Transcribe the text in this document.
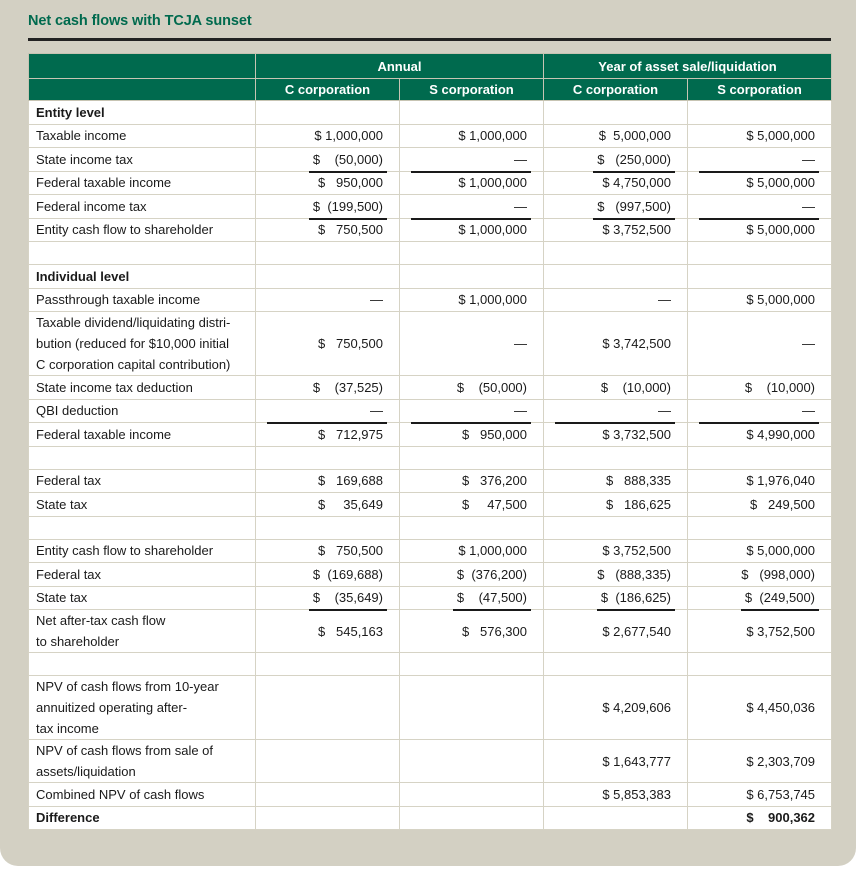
Net cash flows with TCJA sunset
	Annual		Year of asset sale/liquidation	
	C corporation	S corporation	C corporation	S corporation
Entity level				
Taxable income	$ 1,000,000	$ 1,000,000	$  5,000,000	$ 5,000,000
State income tax	$    (50,000)	—	$   (250,000)	—
Federal taxable income	$   950,000	$ 1,000,000	$ 4,750,000	$ 5,000,000
Federal income tax	$  (199,500)	—	$   (997,500)	—
Entity cash flow to shareholder	$   750,500	$ 1,000,000	$ 3,752,500	$ 5,000,000

Individual level				
Passthrough taxable income	—	$ 1,000,000	—	$ 5,000,000
Taxable dividend/liquidating distri-
bution (reduced for $10,000 initial
C corporation capital contribution)	$   750,500	—	$ 3,742,500	—
State income tax deduction	$    (37,525)	$    (50,000)	$    (10,000)	$    (10,000)
QBI deduction	—	—	—	—
Federal taxable income	$   712,975	$   950,000	$ 3,732,500	$ 4,990,000

Federal tax	$   169,688	$   376,200	$   888,335	$ 1,976,040
State tax	$     35,649	$     47,500	$   186,625	$   249,500

Entity cash flow to shareholder	$   750,500	$ 1,000,000	$ 3,752,500	$ 5,000,000
Federal tax	$  (169,688)	$  (376,200)	$   (888,335)	$   (998,000)
State tax	$    (35,649)	$    (47,500)	$  (186,625)	$  (249,500)
Net after-tax cash flow
to shareholder	$   545,163	$   576,300	$ 2,677,540	$ 3,752,500

NPV of cash flows from 10-year
annuitized operating after-
tax income			$ 4,209,606	$ 4,450,036
NPV of cash flows from sale of
assets/liquidation			$ 1,643,777	$ 2,303,709
Combined NPV of cash flows			$ 5,853,383	$ 6,753,745
Difference				$    900,362
